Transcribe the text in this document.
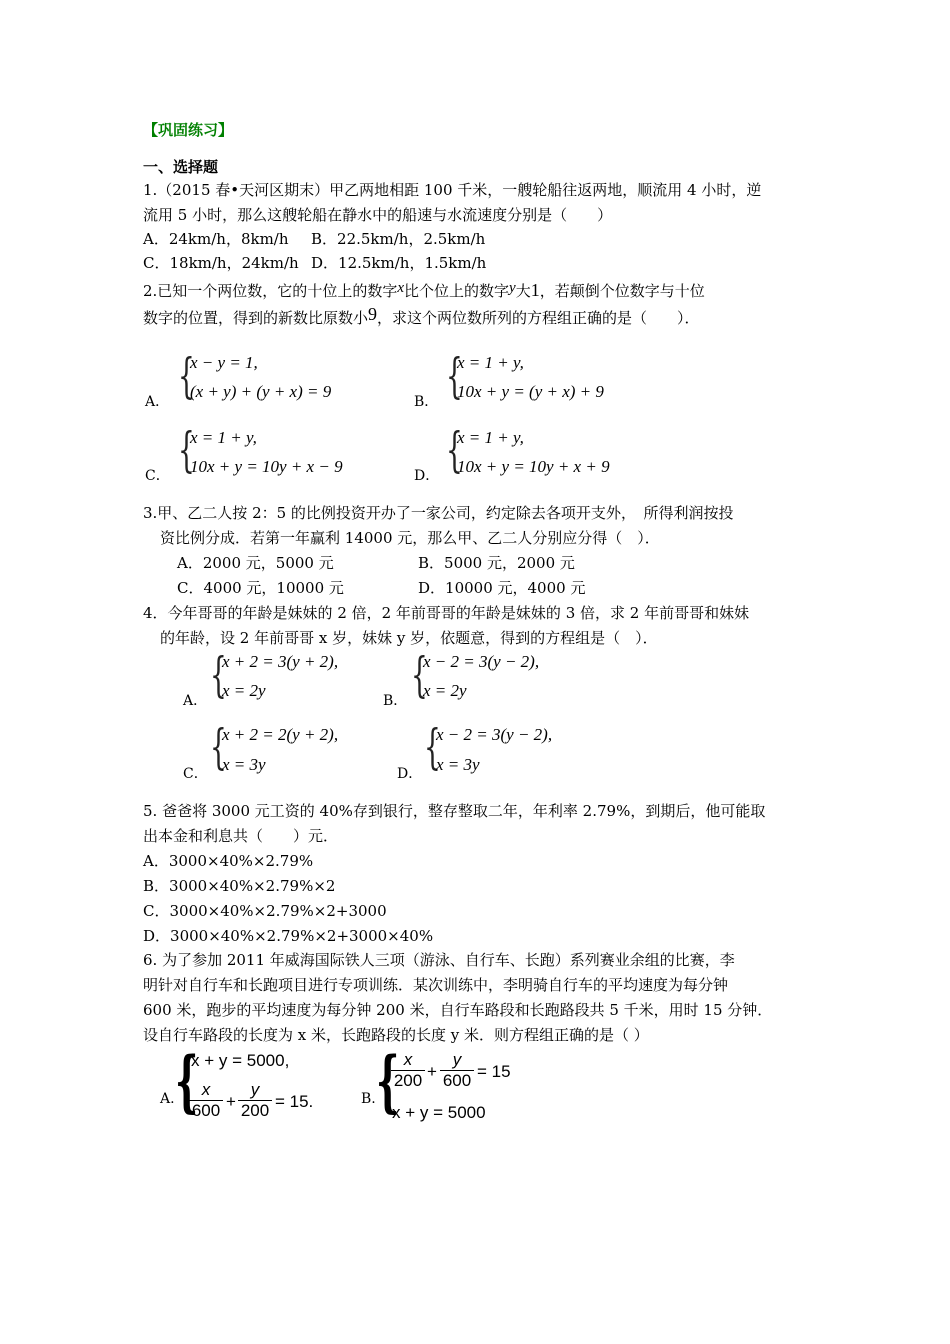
【巩固练习】
一、选择题
1.（2015 春•天河区期末）甲乙两地相距 100 千米，一艘轮船往返两地，顺流用 4 小时，逆
流用 5 小时，那么这艘轮船在静水中的船速与水流速度分别是（　　）
A．24km/h，8km/h B．22.5km/h，2.5km/h
C．18km/h，24km/h D．12.5km/h，1.5km/h
2.已知一个两位数，它的十位上的数字x比个位上的数字y大1，若颠倒个位数字与十位
数字的位置，得到的新数比原数小9，求这个两位数所列的方程组正确的是（　　）．
A． {
x − y = 1,
(x + y) + (y + x) = 9
B． {
x = 1 + y,
10x + y = (y + x) + 9
C． {
x = 1 + y,
10x + y = 10y + x − 9	D． {
x = 1 + y,
10x + y = 10y + x + 9
3.甲、乙二人按 2：5 的比例投资开办了一家公司，约定除去各项开支外，　所得利润按投
资比例分成．若第一年赢利 14000 元，那么甲、乙二人分别应分得（　）．
A．2000 元，5000 元	B．5000 元，2000 元
C．4000 元，10000 元	D．10000 元，4000 元
4．今年哥哥的年龄是妹妹的 2 倍，2 年前哥哥的年龄是妹妹的 3 倍，求 2 年前哥哥和妹妹
的年龄，设 2 年前哥哥 x 岁，妹妹 y 岁，依题意，得到的方程组是（　）．
A． {
x + 2 = 3(y + 2),
x = 2y
B． {
x − 2 = 3(y − 2),
x = 2y
C． {
x + 2 = 2(y + 2),
x = 3y	D． {
x − 2 = 3(y − 2),
x = 3y
5. 爸爸将 3000 元工资的 40%存到银行，整存整取二年，年利率 2.79%，到期后，他可能取
出本金和利息共（　　）元．
A．3000×40%×2.79%
B．3000×40%×2.79%×2
C．3000×40%×2.79%×2+3000
D．3000×40%×2.79%×2+3000×40%
6. 为了参加 2011 年威海国际铁人三项（游泳、自行车、长跑）系列赛业余组的比赛，李
明针对自行车和长跑项目进行专项训练．某次训练中，李明骑自行车的平均速度为每分钟
600 米，跑步的平均速度为每分钟 200 米，自行车路段和长跑路段共 5 千米，用时 15 分钟．
设自行车路段的长度为 x 米，长跑路段的长度 y 米．则方程组正确的是（ ）
A. {
x + y = 5000,
x
600 +
y
200 = 15.	B. { x
200 +
y
600 = 15
x + y = 5000
